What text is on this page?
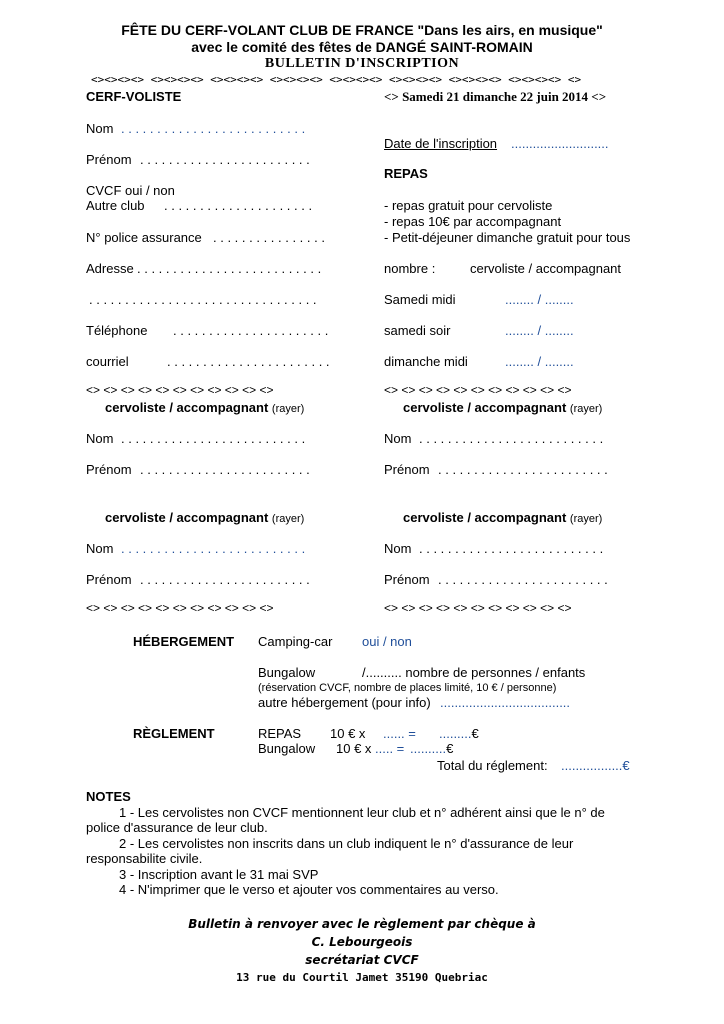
FÊTE DU CERF-VOLANT CLUB DE FRANCE "Dans les airs, en musique"
avec le comité des fêtes de DANGÉ SAINT-ROMAIN
BULLETIN D'INSCRIPTION
<><><><> <><><><> <><><><> <><><><> <><><><> <><><><> <><><><> <><><><> <>
CERF-VOLISTE	<> Samedi 21 dimanche 22 juin 2014 <>
Nom . . . . . . . . . . . . . . . . . . . . . . . . . .
Date de l'inscription ...........................
Prénom . . . . . . . . . . . . . . . . . . . . . . . .
REPAS
CVCF oui / non
Autre club . . . . . . . . . . . . . . . . . . . . .	- repas gratuit pour cervoliste
- repas 10€ par accompagnant
- Petit-déjeuner dimanche gratuit pour tous
N° police assurance . . . . . . . . . . . . . . . .
Adresse . . . . . . . . . . . . . . . . . . . . . . . . . .	nombre :	cervoliste / accompagnant
. . . . . . . . . . . . . . . . . . . . . . . . . . . . . . . .	Samedi midi	........ / ........
Téléphone . . . . . . . . . . . . . . . . . . . . . .	samedi soir	........ / ........
courriel	. . . . . . . . . . . . . . . . . . . . . . .	dimanche midi	........ / ........
<> <> <> <> <> <> <> <> <> <> <>	<> <> <> <> <> <> <> <> <> <> <>
cervoliste / accompagnant (rayer)	cervoliste / accompagnant (rayer)
Nom . . . . . . . . . . . . . . . . . . . . . . . . . .	Nom . . . . . . . . . . . . . . . . . . . . . . . . . .
Prénom . . . . . . . . . . . . . . . . . . . . . . . .	Prénom . . . . . . . . . . . . . . . . . . . . . . . .
cervoliste / accompagnant (rayer)	cervoliste / accompagnant (rayer)
Nom . . . . . . . . . . . . . . . . . . . . . . . . . .	Nom . . . . . . . . . . . . . . . . . . . . . . . . . .
Prénom . . . . . . . . . . . . . . . . . . . . . . . .	Prénom . . . . . . . . . . . . . . . . . . . . . . . .
<> <> <> <> <> <> <> <> <> <> <>	<> <> <> <> <> <> <> <> <> <> <>
HÉBERGEMENT Camping-car oui / non
Bungalow	/.......... nombre de personnes / enfants
(réservation CVCF, nombre de places limité, 10 € / personne)
autre hébergement (pour info) ....................................
RÈGLEMENT	REPAS 10 € x ...... = .........€
Bungalow 10 € x ..... = ..........€
Total du réglement: .................€
NOTES
1 - Les cervolistes non CVCF mentionnent leur club et n° adhérent ainsi que le n° de
police d'assurance de leur club.
2 - Les cervolistes non inscrits dans un club indiquent le n° d'assurance de leur
responsabilite civile.
3 - Inscription avant le 31 mai SVP
4 - N'imprimer que le verso et ajouter vos commentaires au verso.
Bulletin à renvoyer avec le règlement par chèque à
C. Lebourgeois
secrétariat CVCF
13 rue du Courtil Jamet 35190 Quebriac
